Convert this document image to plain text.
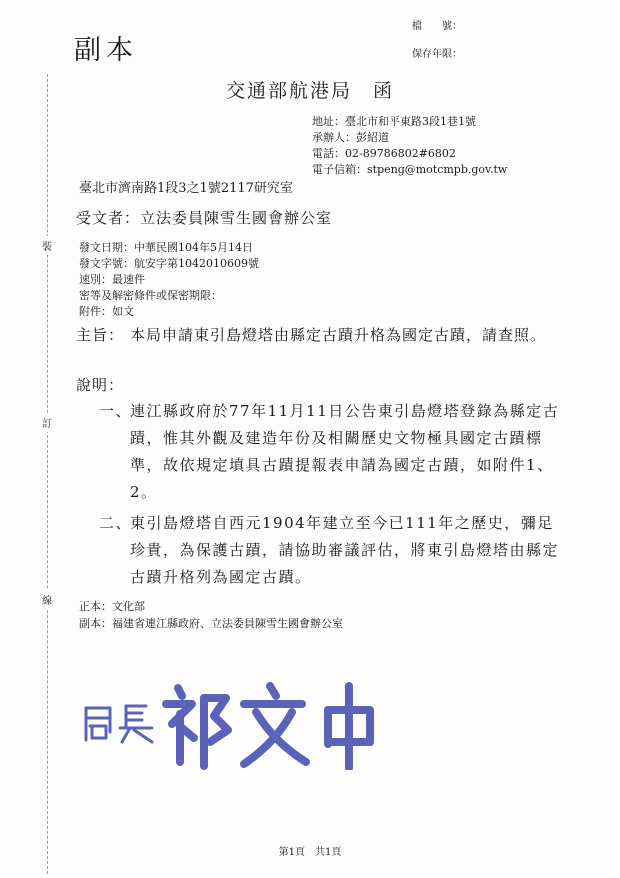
副本
檔　　號：
保存年限：
裝
訂
線
交通部航港局　函
地址：臺北市和平東路3段1巷1號
承辦人：彭紹道
電話：02-89786802#6802
電子信箱：stpeng@motcmpb.gov.tw
臺北市濟南路1段3之1號2117研究室
受文者：立法委員陳雪生國會辦公室
發文日期：中華民國104年5月14日
發文字號：航安字第1042010609號
速別：最速件
密等及解密條件或保密期限：
附件：如文
主旨： 本局申請東引島燈塔由縣定古蹟升格為國定古蹟，請查照。
說明：
一、
連江縣政府於77年11月11日公告東引島燈塔登錄為縣定古蹟，惟其外觀及建造年份及相關歷史文物極具國定古蹟標準，故依規定填具古蹟提報表申請為國定古蹟，如附件1、2。
二、
東引島燈塔自西元1904年建立至今已111年之歷史，彌足珍貴，為保護古蹟，請協助審議評估，將東引島燈塔由縣定古蹟升格列為國定古蹟。
正本：文化部
副本：福建省連江縣政府、立法委員陳雪生國會辦公室
第1頁　共1頁
